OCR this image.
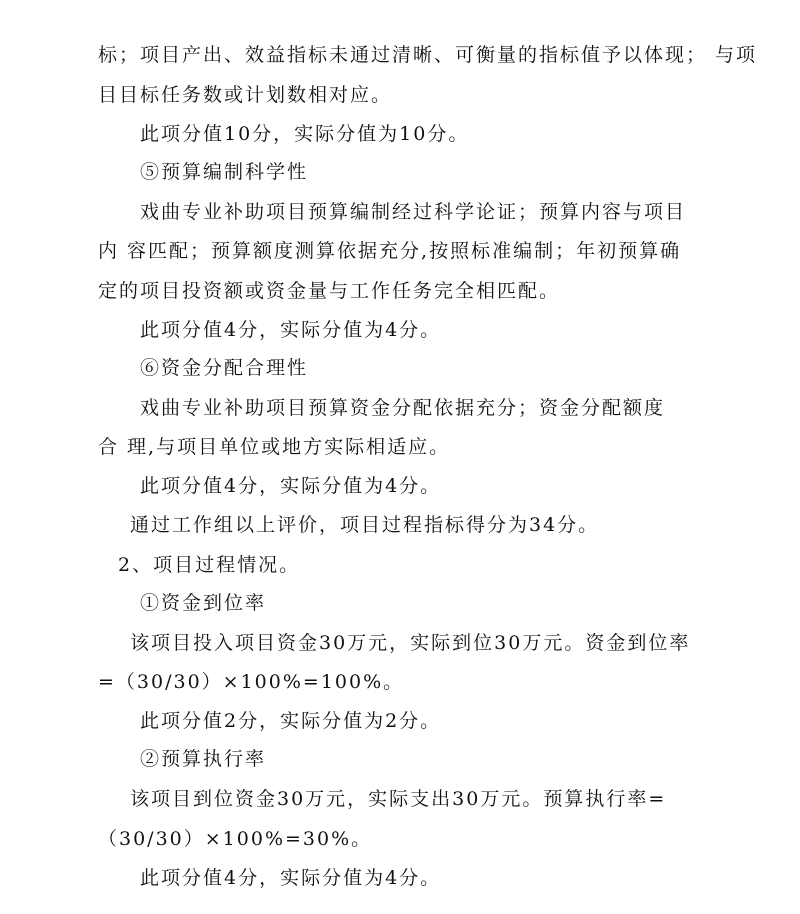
标；项目产出、效益指标未通过清晰、可衡量的指标值予以体现； 与项
目目标任务数或计划数相对应。
此项分值10分，实际分值为10分。
⑤预算编制科学性
戏曲专业补助项目预算编制经过科学论证；预算内容与项目
内 容匹配；预算额度测算依据充分,按照标准编制；年初预算确
定的项目投资额或资金量与工作任务完全相匹配。
此项分值4分，实际分值为4分。
⑥资金分配合理性
戏曲专业补助项目预算资金分配依据充分；资金分配额度
合 理,与项目单位或地方实际相适应。
此项分值4分，实际分值为4分。
通过工作组以上评价，项目过程指标得分为34分。
2、项目过程情况。
①资金到位率
该项目投入项目资金30万元，实际到位30万元。资金到位率
=（30/30）×100%=100%。
此项分值2分，实际分值为2分。
②预算执行率
该项目到位资金30万元，实际支出30万元。预算执行率=
（30/30）×100%=30%。
此项分值4分，实际分值为4分。
